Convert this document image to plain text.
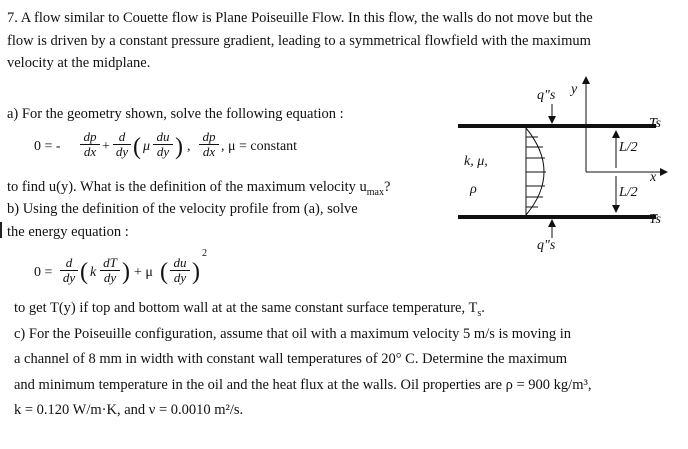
7. A flow similar to Couette flow is Plane Poiseuille Flow. In this flow, the walls do not move but the
flow is driven by a constant pressure gradient, leading to a symmetrical flowfield with the maximum
velocity at the midplane.
a) For the geometry shown, solve the following equation :
0 = - $\frac{dp}{dx} + \frac{d}{dy}$ ( μ $\frac{du}{dy}$ ) , $\frac{dp}{dx}$ , μ = constant
to find u(y). What is the definition of the maximum velocity $u_{max}$?
b) Using the definition of the velocity profile from (a), solve
the energy equation :
$0 = \frac{d}{dy}$ ( k $\frac{dT}{dy}$ ) + μ ( $\frac{du}{dy}$ )
2
to get T(y) if top and bottom wall at at the same constant surface temperature, $T_s$.
c) For the Poiseuille configuration, assume that oil with a maximum velocity 5 m/s is moving in
a channel of 8 mm in width with constant wall temperatures of 20° C. Determine the maximum
and minimum temperature in the oil and the heat flux at the walls. Oil properties are ρ = 900 kg/m³,
k = 0.120 W/m·K, and ν = 0.0010 m²/s.
q"s
q"s
y
x
Ts
Ts
L/2
L/2
k, μ,
ρ
